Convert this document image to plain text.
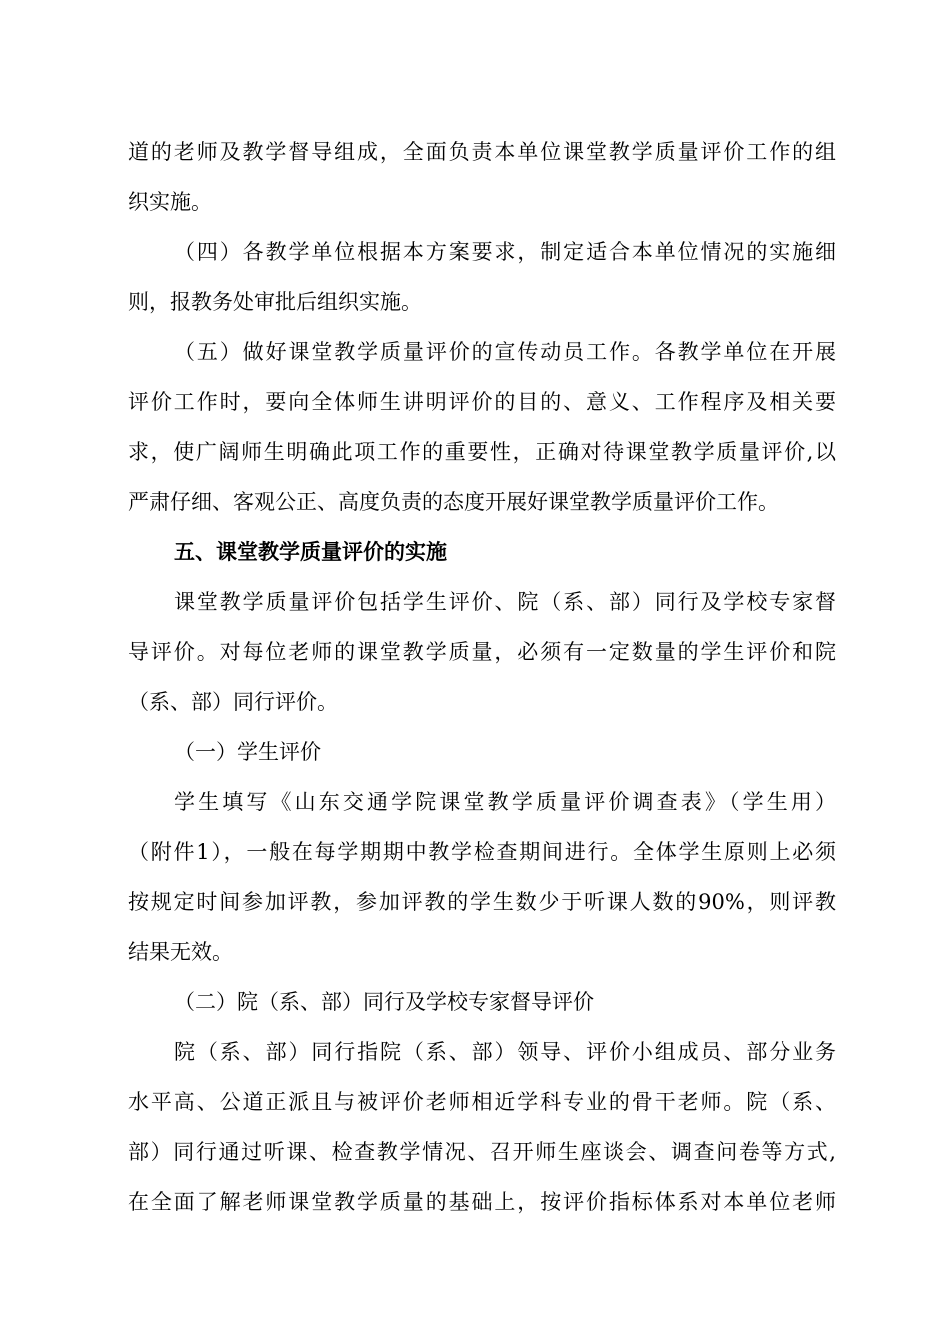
道的老师及教学督导组成，全面负责本单位课堂教学质量评价工作的组
织实施。
（四）各教学单位根据本方案要求，制定适合本单位情况的实施细
则，报教务处审批后组织实施。
（五）做好课堂教学质量评价的宣传动员工作。各教学单位在开展
评价工作时，要向全体师生讲明评价的目的、意义、工作程序及相关要
求，使广阔师生明确此项工作的重要性，正确对待课堂教学质量评价,以
严肃仔细、客观公正、高度负责的态度开展好课堂教学质量评价工作。
五、课堂教学质量评价的实施
课堂教学质量评价包括学生评价、院（系、部）同行及学校专家督
导评价。对每位老师的课堂教学质量，必须有一定数量的学生评价和院
（系、部）同行评价。
（一）学生评价
学生填写《山东交通学院课堂教学质量评价调查表》（学生用）
（附件1），一般在每学期期中教学检查期间进行。全体学生原则上必须
按规定时间参加评教，参加评教的学生数少于听课人数的90%，则评教
结果无效。
（二）院（系、部）同行及学校专家督导评价
院（系、部）同行指院（系、部）领导、评价小组成员、部分业务
水平高、公道正派且与被评价老师相近学科专业的骨干老师。院（系、
部）同行通过听课、检查教学情况、召开师生座谈会、调查问卷等方式,
在全面了解老师课堂教学质量的基础上，按评价指标体系对本单位老师
